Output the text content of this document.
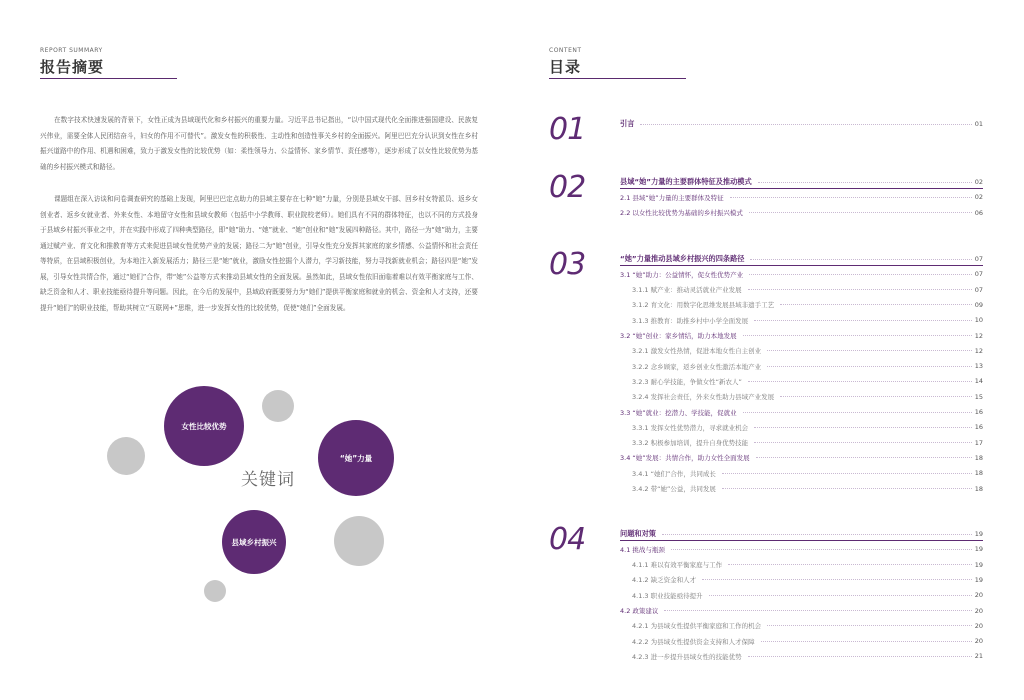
REPORT SUMMARY
报告摘要
在数字技术快速发展的背景下，女性正成为县域现代化和乡村振兴的重要力量。习近平总书记指出，“以中国式现代化全面推进强国建设、民族复兴伟业，需要全体人民团结奋斗，妇女的作用不可替代”。激发女性的积极性、主动性和创造性事关乡村的全面振兴。阿里巴巴充分认识到女性在乡村振兴道路中的作用、机遇和困难，致力于激发女性的比较优势（如：柔性领导力、公益情怀、家乡情节、责任感等），逐步形成了以女性比较优势为基础的乡村振兴模式和路径。
课题组在深入访谈和问卷调查研究的基础上发现，阿里巴巴定点助力的县域主要存在七种“她”力量，分别是县域女干部、回乡村女特派员、返乡女创业者、返乡女就业者、外来女性、本地留守女性和县域女教师（包括中小学教师、职业院校老师）。她们具有不同的群体特征，也以不同的方式投身于县域乡村振兴事业之中，并在实践中形成了四种典型路径，即“她”助力、“她”就业、“她”创业和“她”发展四种路径。其中，路径一为“她”助力，主要通过赋产业、育文化和推教育等方式来促进县域女性优势产业的发展；路径二为“她”创业，引导女性充分发挥其家庭的家乡情感、公益情怀和社会责任等特质，在县域积极创业，为本地注入新发展活力；路径三是“她”就业，激励女性挖掘个人潜力，学习新技能，努力寻找新就业机会；路径四是“她”发展，引导女性共情合作，通过“她们”合作，带“她”公益等方式来推动县域女性的全面发展。虽然如此，县域女性依旧面临着难以有效平衡家庭与工作、缺乏资金和人才、职业技能亟待提升等问题。因此，在今后的发展中，县域政府既要努力为“她们”提供平衡家庭和就业的机会、资金和人才支持，还要提升“她们”的职业技能，帮助其树立“互联网+”思维，进一步发挥女性的比较优势，促使“她们”全面发展。
女性比较优势
“她”力量
关键词
县域乡村振兴
CONTENT
目录
01	引言	01
02	县域“她”力量的主要群体特征及推动模式	02
2.1 县域“她”力量的主要群体及特征	02
2.2 以女性比较优势为基础的乡村振兴模式	06
03	“她”力量推动县域乡村振兴的四条路径	07
3.1 “她”助力：公益情怀，促女性优势产业	07
3.1.1 赋产业：推动灵活就业产业发展	07
3.1.2 育文化：用数字化思维发展县域非遗手工艺	09
3.1.3 推教育：助推乡村中小学全面发展	10
3.2 “她”创业：家乡情结，助力本地发展	12
3.2.1 激发女性热情，促进本地女性自主创业	12
3.2.2 念乡顾家，返乡创业女性激活本地产业	13
3.2.3 耐心学技能，争做女性“新农人”	14
3.2.4 发挥社会责任，外来女性助力县域产业发展	15
3.3 “她”就业：挖潜力、学技能，促就业	16
3.3.1 发挥女性优势潜力，寻求就业机会	16
3.3.2 积极参加培训，提升自身优势技能	17
3.4 “她”发展：共情合作，助力女性全面发展	18
3.4.1 “她们”合作，共同成长	18
3.4.2 带“她”公益，共同发展	18
04	问题和对策	19
4.1 挑战与瓶颈	19
4.1.1 难以有效平衡家庭与工作	19
4.1.2 缺乏资金和人才	19
4.1.3 职业技能亟待提升	20
4.2 政策建议	20
4.2.1 为县域女性提供平衡家庭和工作的机会	20
4.2.2 为县域女性提供资金支持和人才保障	20
4.2.3 进一步提升县域女性的技能优势	21
